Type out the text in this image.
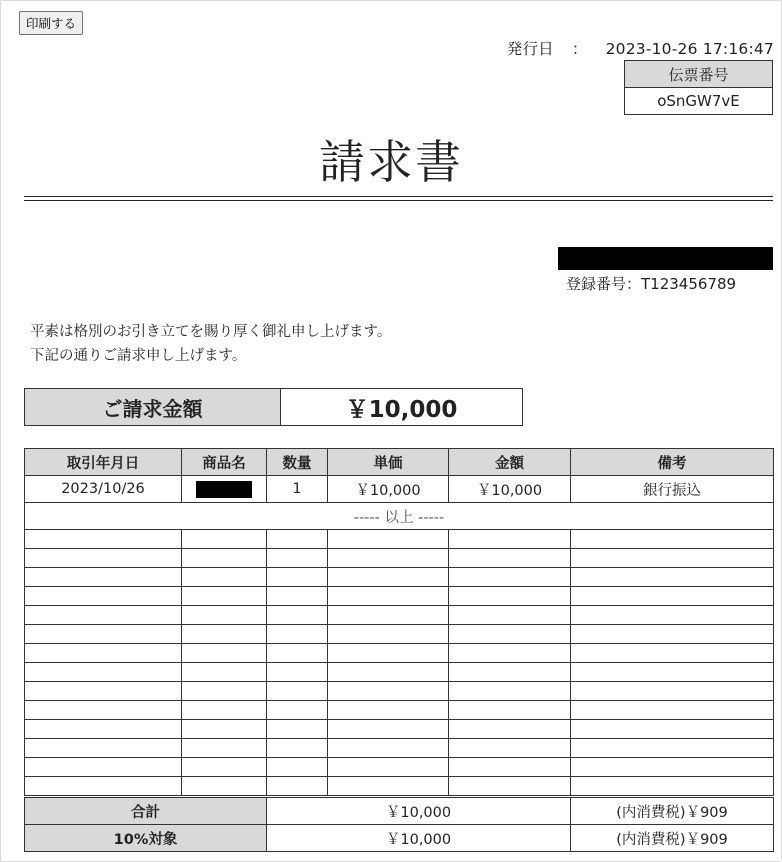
印刷する
発行日 ： 2023-10-26 17:16:47
伝票番号
oSnGW7vE
請求書
登録番号：T123456789
平素は格別のお引き立てを賜り厚く御礼申し上げます。
下記の通りご請求申し上げます。
ご請求金額	￥10,000
取引年月日	商品名	数量	単価	金額	備考
2023/10/26		1	￥10,000	￥10,000	銀行振込
----- 以上 -----					

合計	￥10,000	(内消費税)￥909
10%対象	￥10,000	(内消費税)￥909
